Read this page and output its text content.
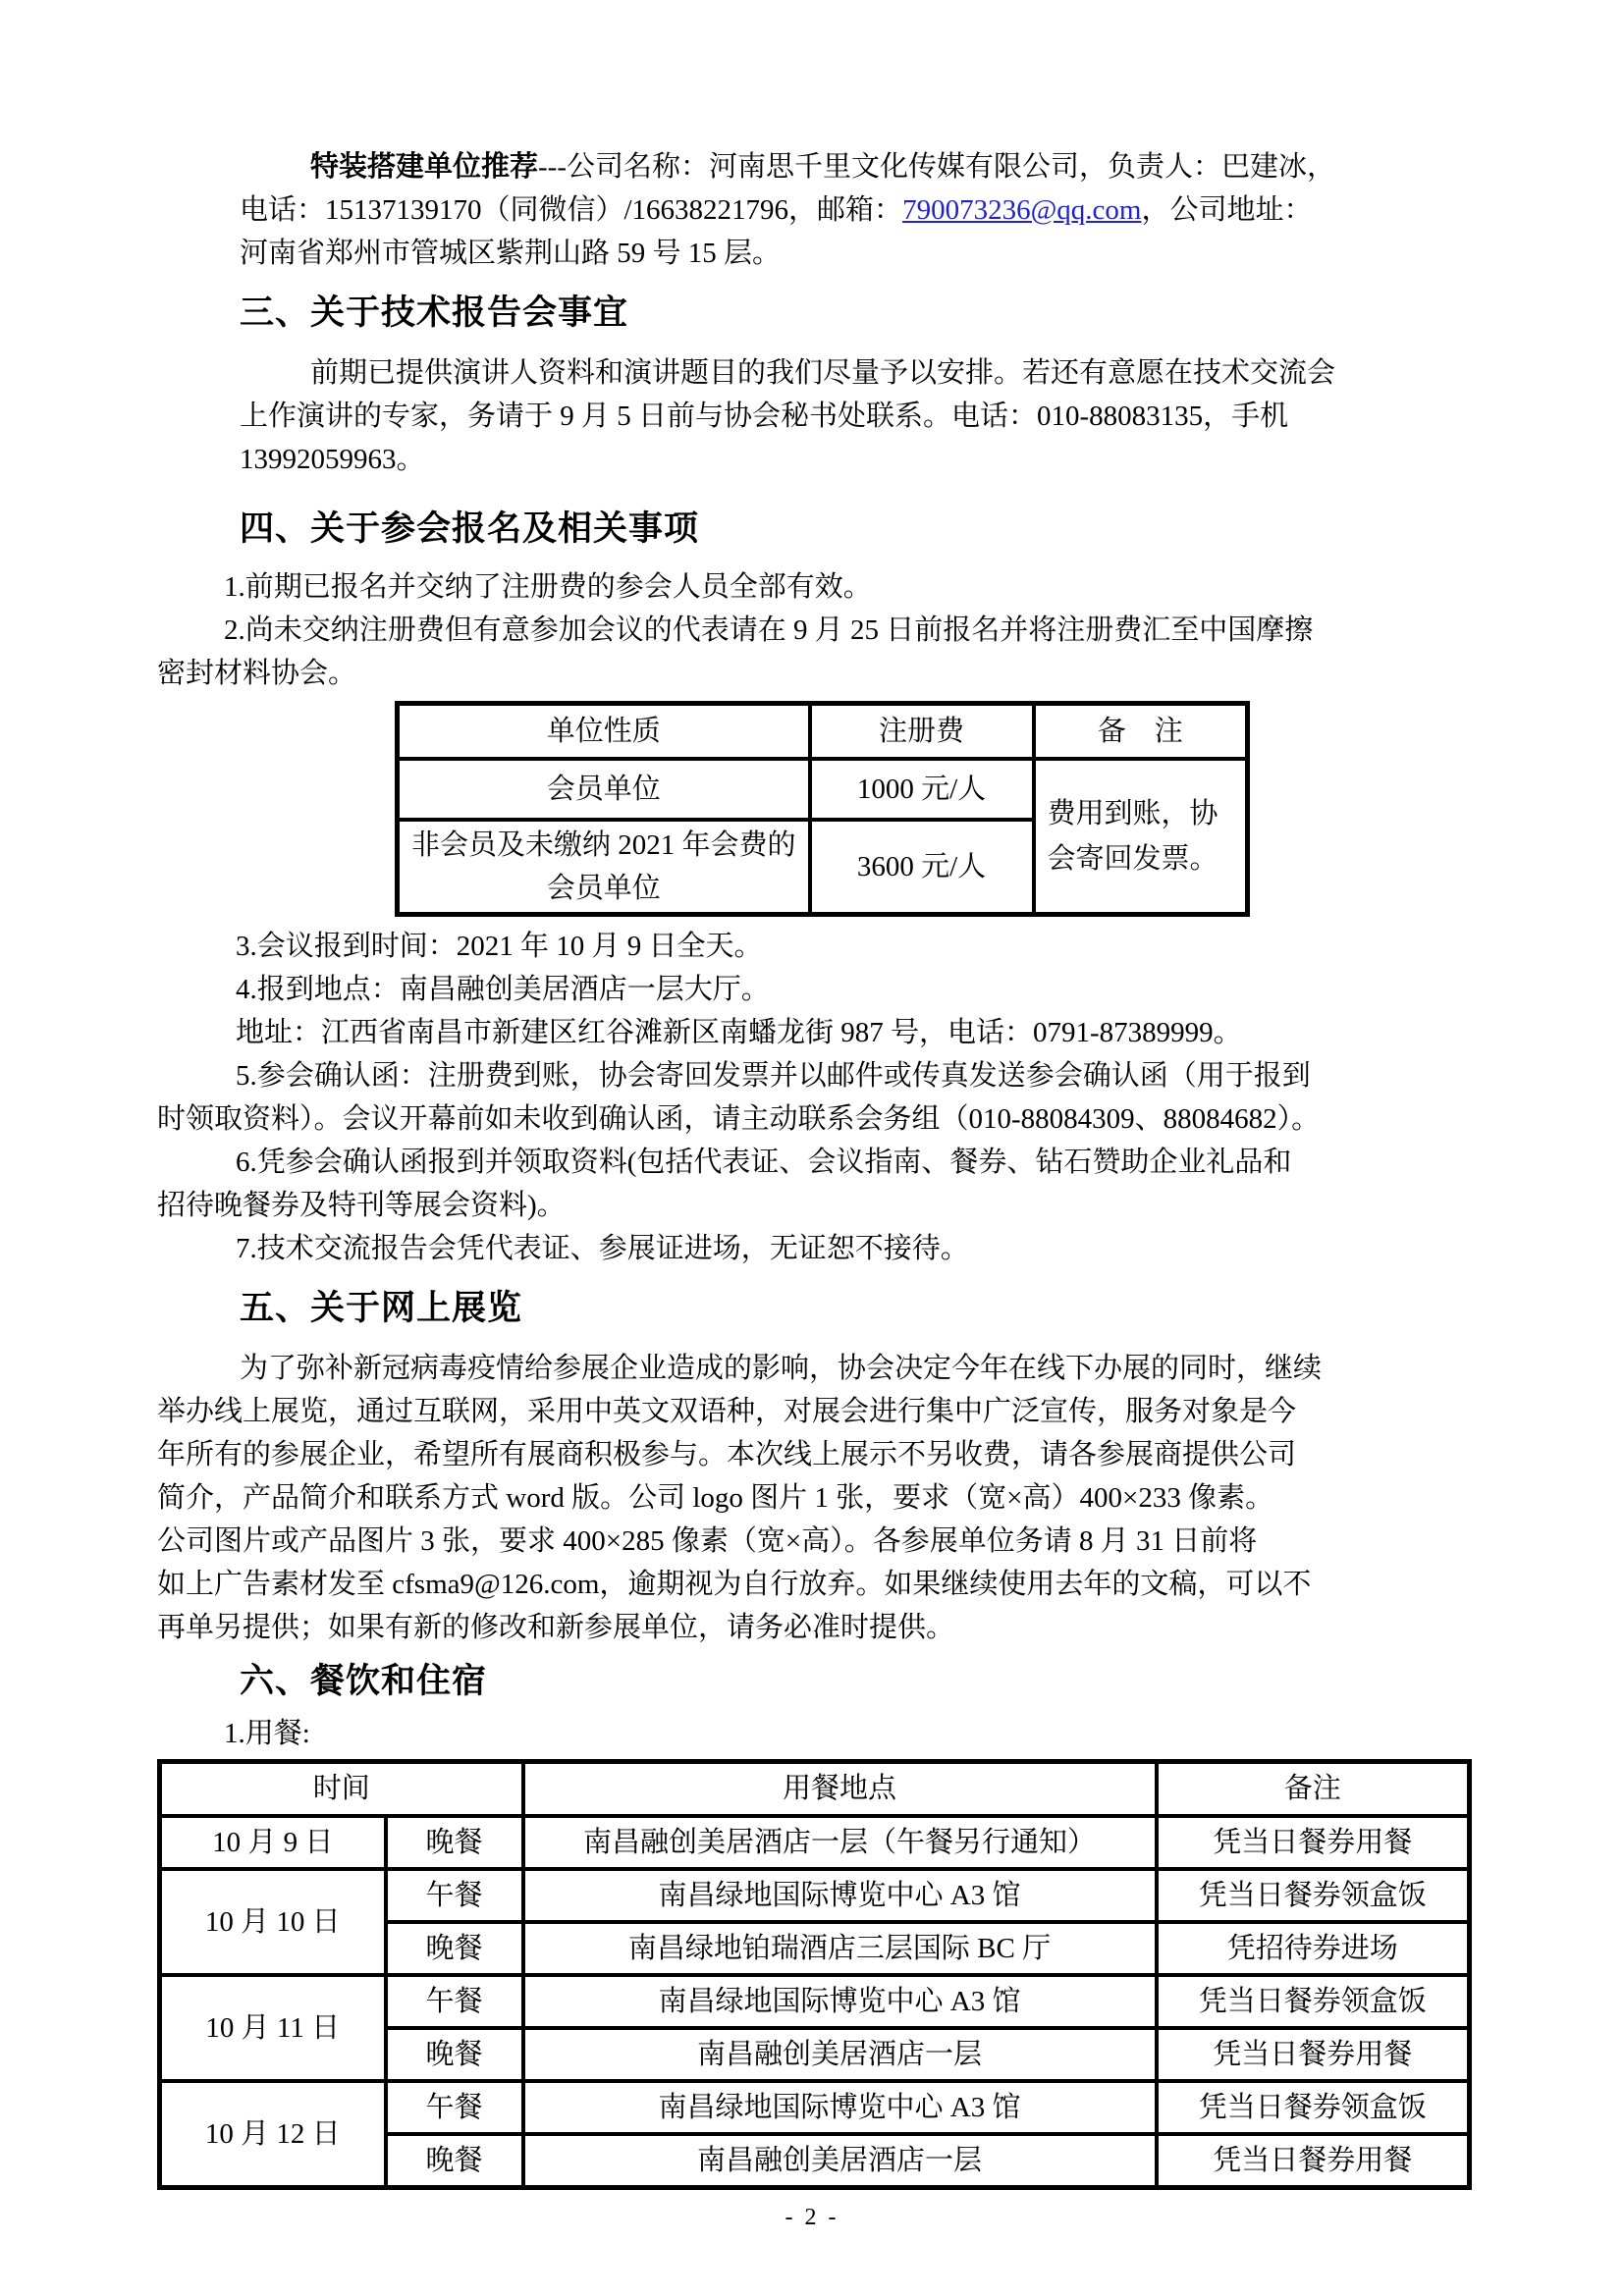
特装搭建单位推荐---公司名称：河南思千里文化传媒有限公司，负责人：巴建冰，
电话：15137139170（同微信）/16638221796，邮箱：790073236@qq.com，公司地址：
河南省郑州市管城区紫荆山路 59 号 15 层。
三、关于技术报告会事宜
前期已提供演讲人资料和演讲题目的我们尽量予以安排。若还有意愿在技术交流会
上作演讲的专家，务请于 9 月 5 日前与协会秘书处联系。电话：010-88083135，手机
13992059963。
四、关于参会报名及相关事项
1.前期已报名并交纳了注册费的参会人员全部有效。
2.尚未交纳注册费但有意参加会议的代表请在 9 月 25 日前报名并将注册费汇至中国摩擦
密封材料协会。
单位性质	注册费	备　注
会员单位	1000 元/人	费用到账，协会寄回发票。
非会员及未缴纳 2021 年会费的会员单位	3600 元/人	
3.会议报到时间：2021 年 10 月 9 日全天。
4.报到地点：南昌融创美居酒店一层大厅。
地址：江西省南昌市新建区红谷滩新区南蟠龙街 987 号，电话：0791-87389999。
5.参会确认函：注册费到账，协会寄回发票并以邮件或传真发送参会确认函（用于报到
时领取资料）。会议开幕前如未收到确认函，请主动联系会务组（010-88084309、88084682）。
6.凭参会确认函报到并领取资料(包括代表证、会议指南、餐券、钻石赞助企业礼品和
招待晚餐券及特刊等展会资料)。
7.技术交流报告会凭代表证、参展证进场，无证恕不接待。
五、关于网上展览
为了弥补新冠病毒疫情给参展企业造成的影响，协会决定今年在线下办展的同时，继续
举办线上展览，通过互联网，采用中英文双语种，对展会进行集中广泛宣传，服务对象是今
年所有的参展企业，希望所有展商积极参与。本次线上展示不另收费，请各参展商提供公司
简介，产品简介和联系方式 word 版。公司 logo 图片 1 张，要求（宽×高）400×233 像素。
公司图片或产品图片 3 张，要求 400×285 像素（宽×高）。各参展单位务请 8 月 31 日前将
如上广告素材发至 cfsma9@126.com，逾期视为自行放弃。如果继续使用去年的文稿，可以不
再单另提供；如果有新的修改和新参展单位，请务必准时提供。
六、餐饮和住宿
1.用餐:
时间		用餐地点	备注
10 月 9 日	晚餐	南昌融创美居酒店一层（午餐另行通知）	凭当日餐券用餐
10 月 10 日	午餐	南昌绿地国际博览中心 A3 馆	凭当日餐券领盒饭
	晚餐	南昌绿地铂瑞酒店三层国际 BC 厅	凭招待券进场
10 月 11 日	午餐	南昌绿地国际博览中心 A3 馆	凭当日餐券领盒饭
	晚餐	南昌融创美居酒店一层	凭当日餐券用餐
10 月 12 日	午餐	南昌绿地国际博览中心 A3 馆	凭当日餐券领盒饭
	晚餐	南昌融创美居酒店一层	凭当日餐券用餐
- 2 -
